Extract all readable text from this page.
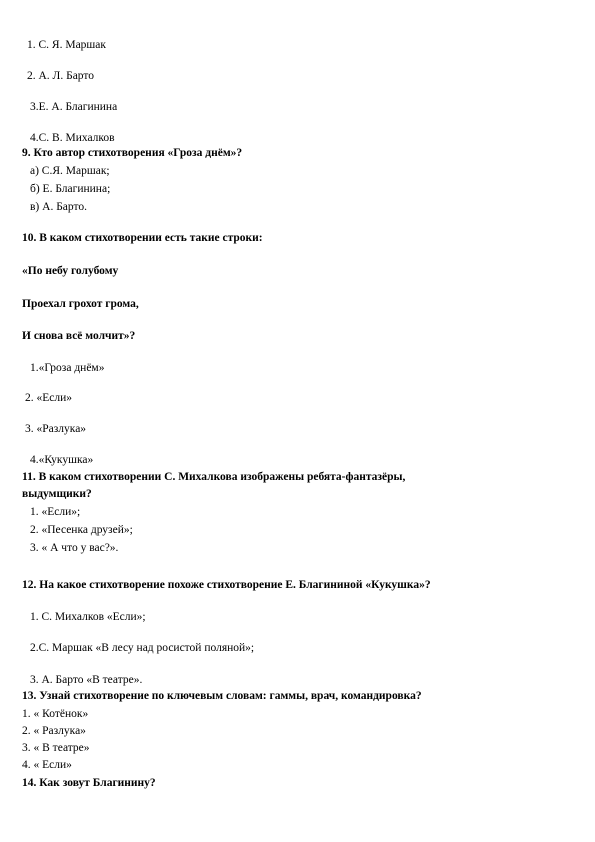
1. С. Я. Маршак
2. А. Л. Барто
3.Е. А. Благинина
4.С. В. Михалков
9. Кто автор стихотворения «Гроза днём»?
а) С.Я. Маршак;
б) Е. Благинина;
в) А. Барто.
10. В каком стихотворении есть такие строки:
«По небу голубому
Проехал грохот грома,
И снова всё молчит»?
1.«Гроза днём»
2. «Если»
3. «Разлука»
4.«Кукушка»
11. В каком стихотворении С. Михалкова изображены ребята-фантазёры,
выдумщики?
1. «Если»;
2. «Песенка друзей»;
3. « А что у вас?».
12. На какое стихотворение похоже стихотворение Е. Благининой «Кукушка»?
1. С. Михалков «Если»;
2.С. Маршак «В лесу над росистой поляной»;
3. А. Барто «В театре».
13. Узнай стихотворение по ключевым словам: гаммы, врач, командировка?
1. « Котёнок»
2. « Разлука»
3. « В театре»
4. « Если»
14. Как зовут Благинину?
